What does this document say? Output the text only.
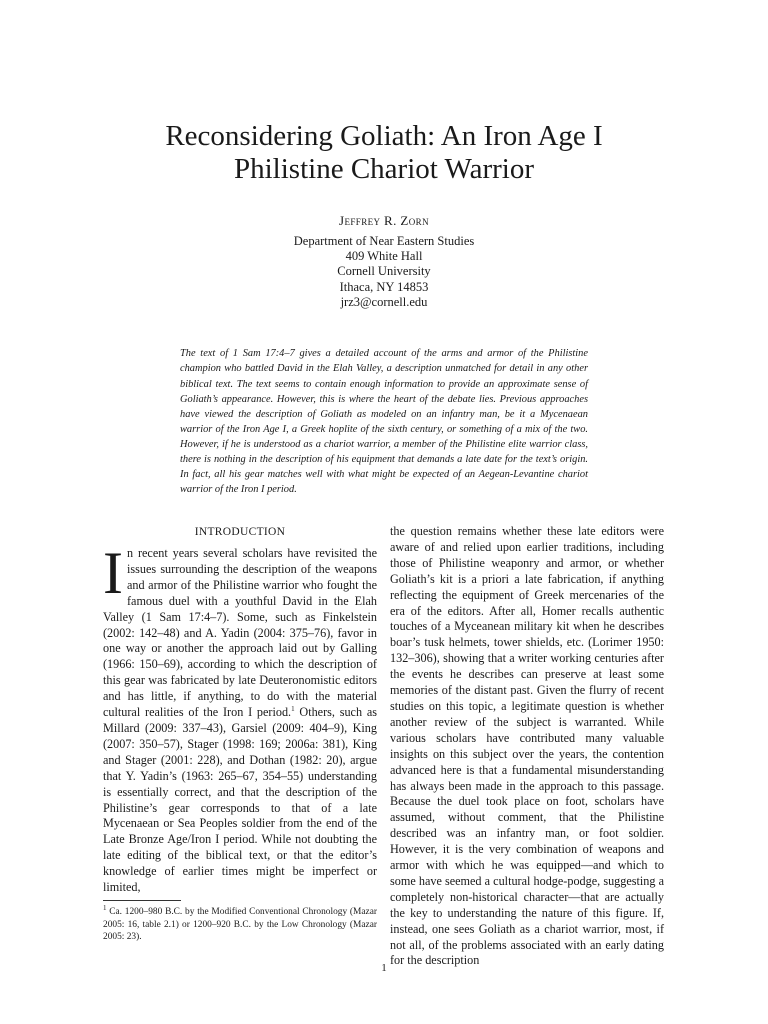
Reconsidering Goliath: An Iron Age I
Philistine Chariot Warrior
Jeffrey R. Zorn
Department of Near Eastern Studies
409 White Hall
Cornell University
Ithaca, NY 14853
jrz3@cornell.edu

The text of 1 Sam 17:4–7 gives a detailed account of the arms and armor of the Philistine champion who battled David in the Elah Valley, a description unmatched for detail in any other biblical text. The text seems to contain enough information to provide an approximate sense of Goliath’s appearance. However, this is where the heart of the debate lies. Previous approaches have viewed the description of Goliath as modeled on an infantry man, be it a Mycenaean warrior of the Iron Age I, a Greek hoplite of the sixth century, or something of a mix of the two. However, if he is understood as a chariot warrior, a member of the Philistine elite warrior class, there is nothing in the description of his equipment that demands a late date for the text’s origin. In fact, all his gear matches well with what might be expected of an Aegean-Levantine chariot warrior of the Iron I period.

INTRODUCTION

In recent years several scholars have revisited the issues surrounding the description of the weapons and armor of the Philistine warrior who fought the famous duel with a youthful David in the Elah Valley (1 Sam 17:4–7). Some, such as Finkelstein (2002: 142–48) and A. Yadin (2004: 375–76), favor in one way or another the approach laid out by Galling (1966: 150–69), according to which the description of this gear was fabricated by late Deuteronomistic editors and has little, if anything, to do with the material cultural realities of the Iron I period.$^1$ Others, such as Millard (2009: 337–43), Garsiel (2009: 404–9), King (2007: 350–57), Stager (1998: 169; 2006a: 381), King and Stager (2001: 228), and Dothan (1982: 20), argue that Y. Yadin’s (1963: 265–67, 354–55) understanding is essentially correct, and that the description of the Philistine’s gear corresponds to that of a late Mycenaean or Sea Peoples soldier from the end of the Late Bronze Age/Iron I period. While not doubting the late editing of the biblical text, or that the editor’s knowledge of earlier times might be imperfect or limited,

the question remains whether these late editors were aware of and relied upon earlier traditions, including those of Philistine weaponry and armor, or whether Goliath’s kit is a priori a late fabrication, if anything reflecting the equipment of Greek mercenaries of the era of the editors. After all, Homer recalls authentic touches of a Myceanean military kit when he describes boar’s tusk helmets, tower shields, etc. (Lorimer 1950: 132–306), showing that a writer working centuries after the events he describes can preserve at least some memories of the distant past. Given the flurry of recent studies on this topic, a legitimate question is whether another review of the subject is warranted. While various scholars have contributed many valuable insights on this subject over the years, the contention advanced here is that a fundamental misunderstanding has always been made in the approach to this passage. Because the duel took place on foot, scholars have assumed, without comment, that the Philistine described was an infantry man, or foot soldier. However, it is the very combination of weapons and armor with which he was equipped—and which to some have seemed a cultural hodge-podge, suggesting a completely non-historical character—that are actually the key to understanding the nature of this figure. If, instead, one sees Goliath as a chariot warrior, most, if not all, of the problems associated with an early dating for the description

$^1$ Ca. 1200–980 B.C. by the Modified Conventional Chronology (Mazar 2005: 16, table 2.1) or 1200–920 B.C. by the Low Chronology (Mazar 2005: 23).
1
